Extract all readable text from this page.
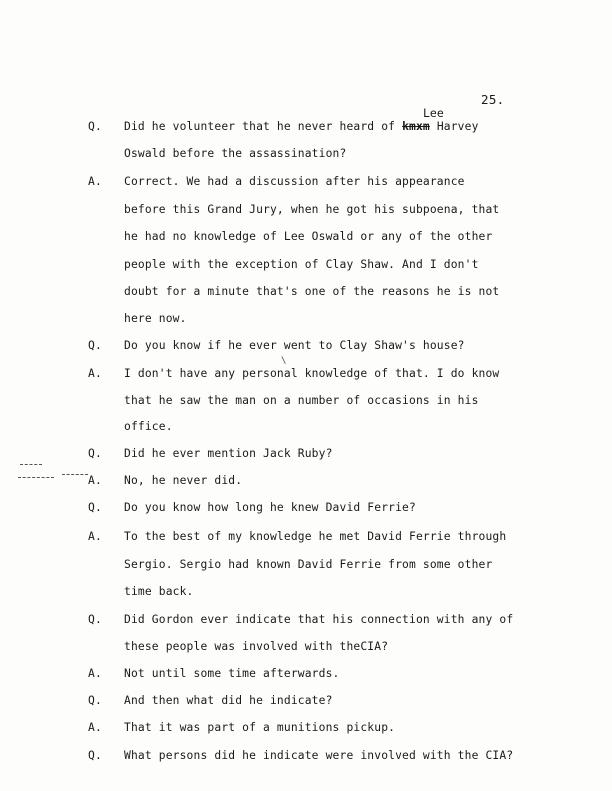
25.
Lee
Q. Did he volunteer that he never heard of kmxm Harvey
Oswald before the assassination?
A. Correct. We had a discussion after his appearance
before this Grand Jury, when he got his subpoena, that
he had no knowledge of Lee Oswald or any of the other
people with the exception of Clay Shaw. And I don't
doubt for a minute that's one of the reasons he is not
here now.
Q. Do you know if he ever went to Clay Shaw's house?
A. I don't have any personal knowledge of that. I do know
that he saw the man on a number of occasions in his
office.
Q. Did he ever mention Jack Ruby?
A. No, he never did.
Q. Do you know how long he knew David Ferrie?
A. To the best of my knowledge he met David Ferrie through
Sergio. Sergio had known David Ferrie from some other
time back.
Q. Did Gordon ever indicate that his connection with any of
these people was involved with theCIA?
A. Not until some time afterwards.
Q. And then what did he indicate?
A. That it was part of a munitions pickup.
Q. What persons did he indicate were involved with the CIA?
\
